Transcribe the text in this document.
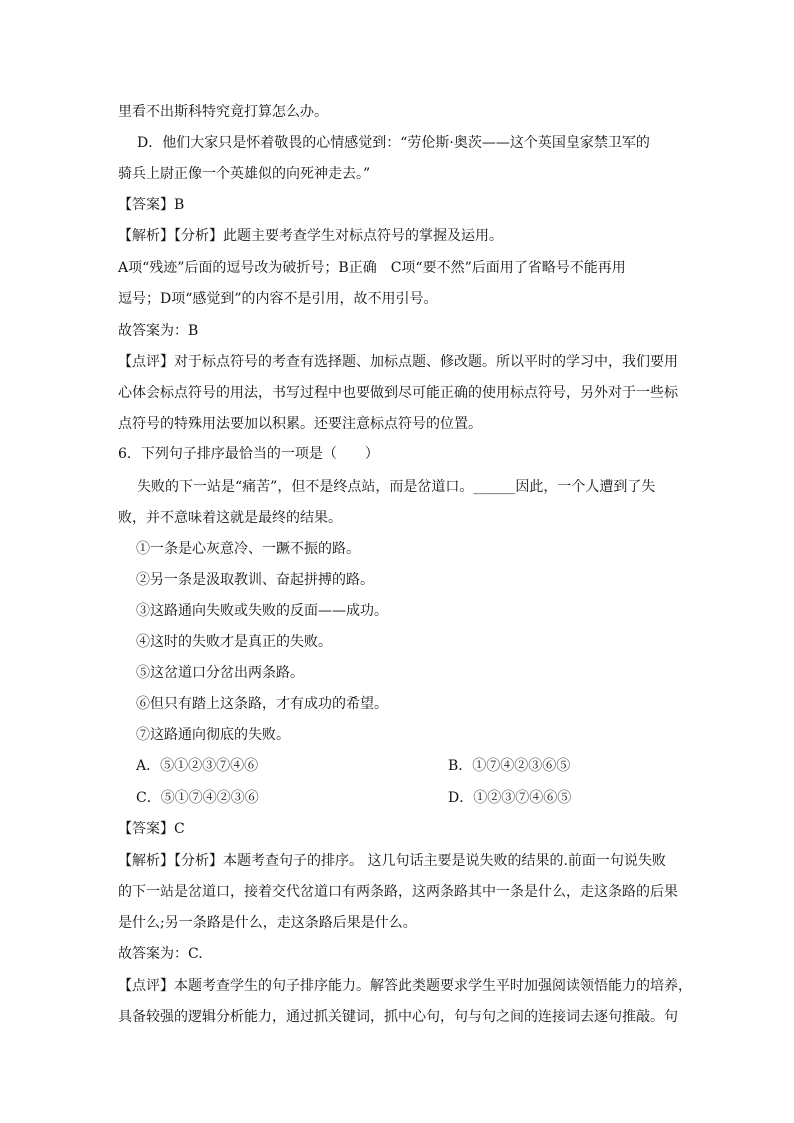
里看不出斯科特究竟打算怎么办。
D．他们大家只是怀着敬畏的心情感觉到：“劳伦斯·奥茨——这个英国皇家禁卫军的
骑兵上尉正像一个英雄似的向死神走去。”
【答案】B
【解析】【分析】此题主要考查学生对标点符号的掌握及运用。
A项“残迹”后面的逗号改为破折号；B正确　C项“要不然”后面用了省略号不能再用
逗号；D项“感觉到”的内容不是引用，故不用引号。
故答案为：B
【点评】对于标点符号的考查有选择题、加标点题、修改题。所以平时的学习中，我们要用
心体会标点符号的用法，书写过程中也要做到尽可能正确的使用标点符号，另外对于一些标
点符号的特殊用法要加以积累。还要注意标点符号的位置。
6．下列句子排序最恰当的一项是（　　）
失败的下一站是“痛苦”，但不是终点站，而是岔道口。______因此，一个人遭到了失
败，并不意味着这就是最终的结果。
①一条是心灰意冷、一蹶不振的路。
②另一条是汲取教训、奋起拼搏的路。
③这路通向失败或失败的反面——成功。
④这时的失败才是真正的失败。
⑤这岔道口分岔出两条路。
⑥但只有踏上这条路，才有成功的希望。
⑦这路通向彻底的失败。
A．⑤①②③⑦④⑥	B．①⑦④②③⑥⑤
C．⑤①⑦④②③⑥	D．①②③⑦④⑥⑤
【答案】C
【解析】【分析】本题考查句子的排序。 这几句话主要是说失败的结果的.前面一句说失败
的下一站是岔道口，接着交代岔道口有两条路，这两条路其中一条是什么，走这条路的后果
是什么;另一条路是什么，走这条路后果是什么。
故答案为：C.
【点评】本题考查学生的句子排序能力。解答此类题要求学生平时加强阅读领悟能力的培养，
具备较强的逻辑分析能力，通过抓关键词，抓中心句，句与句之间的连接词去逐句推敲。句
